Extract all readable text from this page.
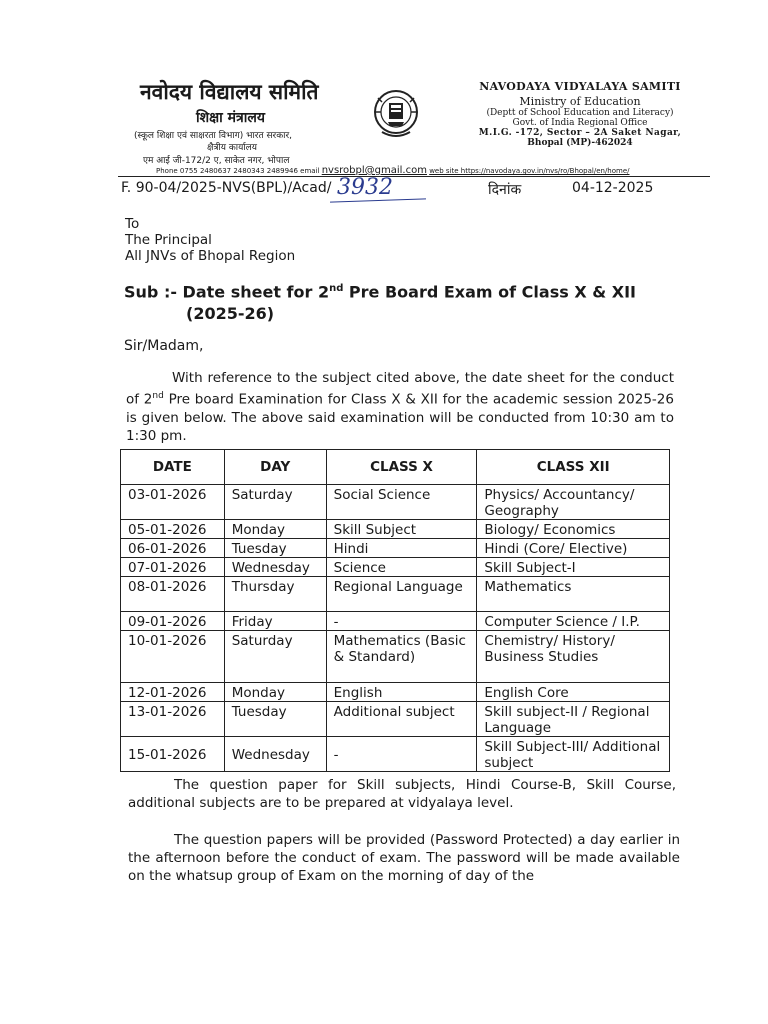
नवोदय विद्यालय समिति
शिक्षा मंत्रालय
(स्कूल शिक्षा एवं साक्षरता विभाग) भारत सरकार,
क्षैत्रीय कार्यालय
एम आई जी-172/2 ए, साकेत नगर, भोपाल
Phone 0755 2480637 2480343 2489946 email nvsrobpl@gmail.com web site https://navodaya.gov.in/nvs/ro/Bhopal/en/home/
NAVODAYA VIDYALAYA SAMITI
Ministry of Education
(Deptt of School Education and Literacy)
Govt. of India Regional Office
M.I.G. -172, Sector – 2A Saket Nagar,
Bhopal (MP)-462024
F. 90-04/2025-NVS(BPL)/Acad/ 3932	दिनांक	04-12-2025
To
The Principal
All JNVs of Bhopal Region
Sub :- Date sheet for 2nd Pre Board Exam of Class X & XII
(2025-26)
Sir/Madam,
With reference to the subject cited above, the date sheet for the conduct of 2nd Pre board Examination for Class X & XII for the academic session 2025-26 is given below. The above said examination will be conducted from 10:30 am to 1:30 pm.
DATE	DAY	CLASS X	CLASS XII
03-01-2026	Saturday	Social Science	Physics/ Accountancy/ Geography
05-01-2026	Monday	Skill Subject	Biology/ Economics
06-01-2026	Tuesday	Hindi	Hindi (Core/ Elective)
07-01-2026	Wednesday	Science	Skill Subject-I
08-01-2026	Thursday	Regional Language	Mathematics
09-01-2026	Friday	-	Computer Science / I.P.
10-01-2026	Saturday	Mathematics (Basic & Standard)	Chemistry/ History/ Business Studies
12-01-2026	Monday	English	English Core
13-01-2026	Tuesday	Additional subject	Skill subject-II / Regional Language
15-01-2026	Wednesday	-	Skill Subject-III/ Additional subject
The question paper for Skill subjects, Hindi Course-B, Skill Course, additional subjects are to be prepared at vidyalaya level.
The question papers will be provided (Password Protected) a day earlier in the afternoon before the conduct of exam. The password will be made available on the whatsup group of Exam on the morning of day of the
